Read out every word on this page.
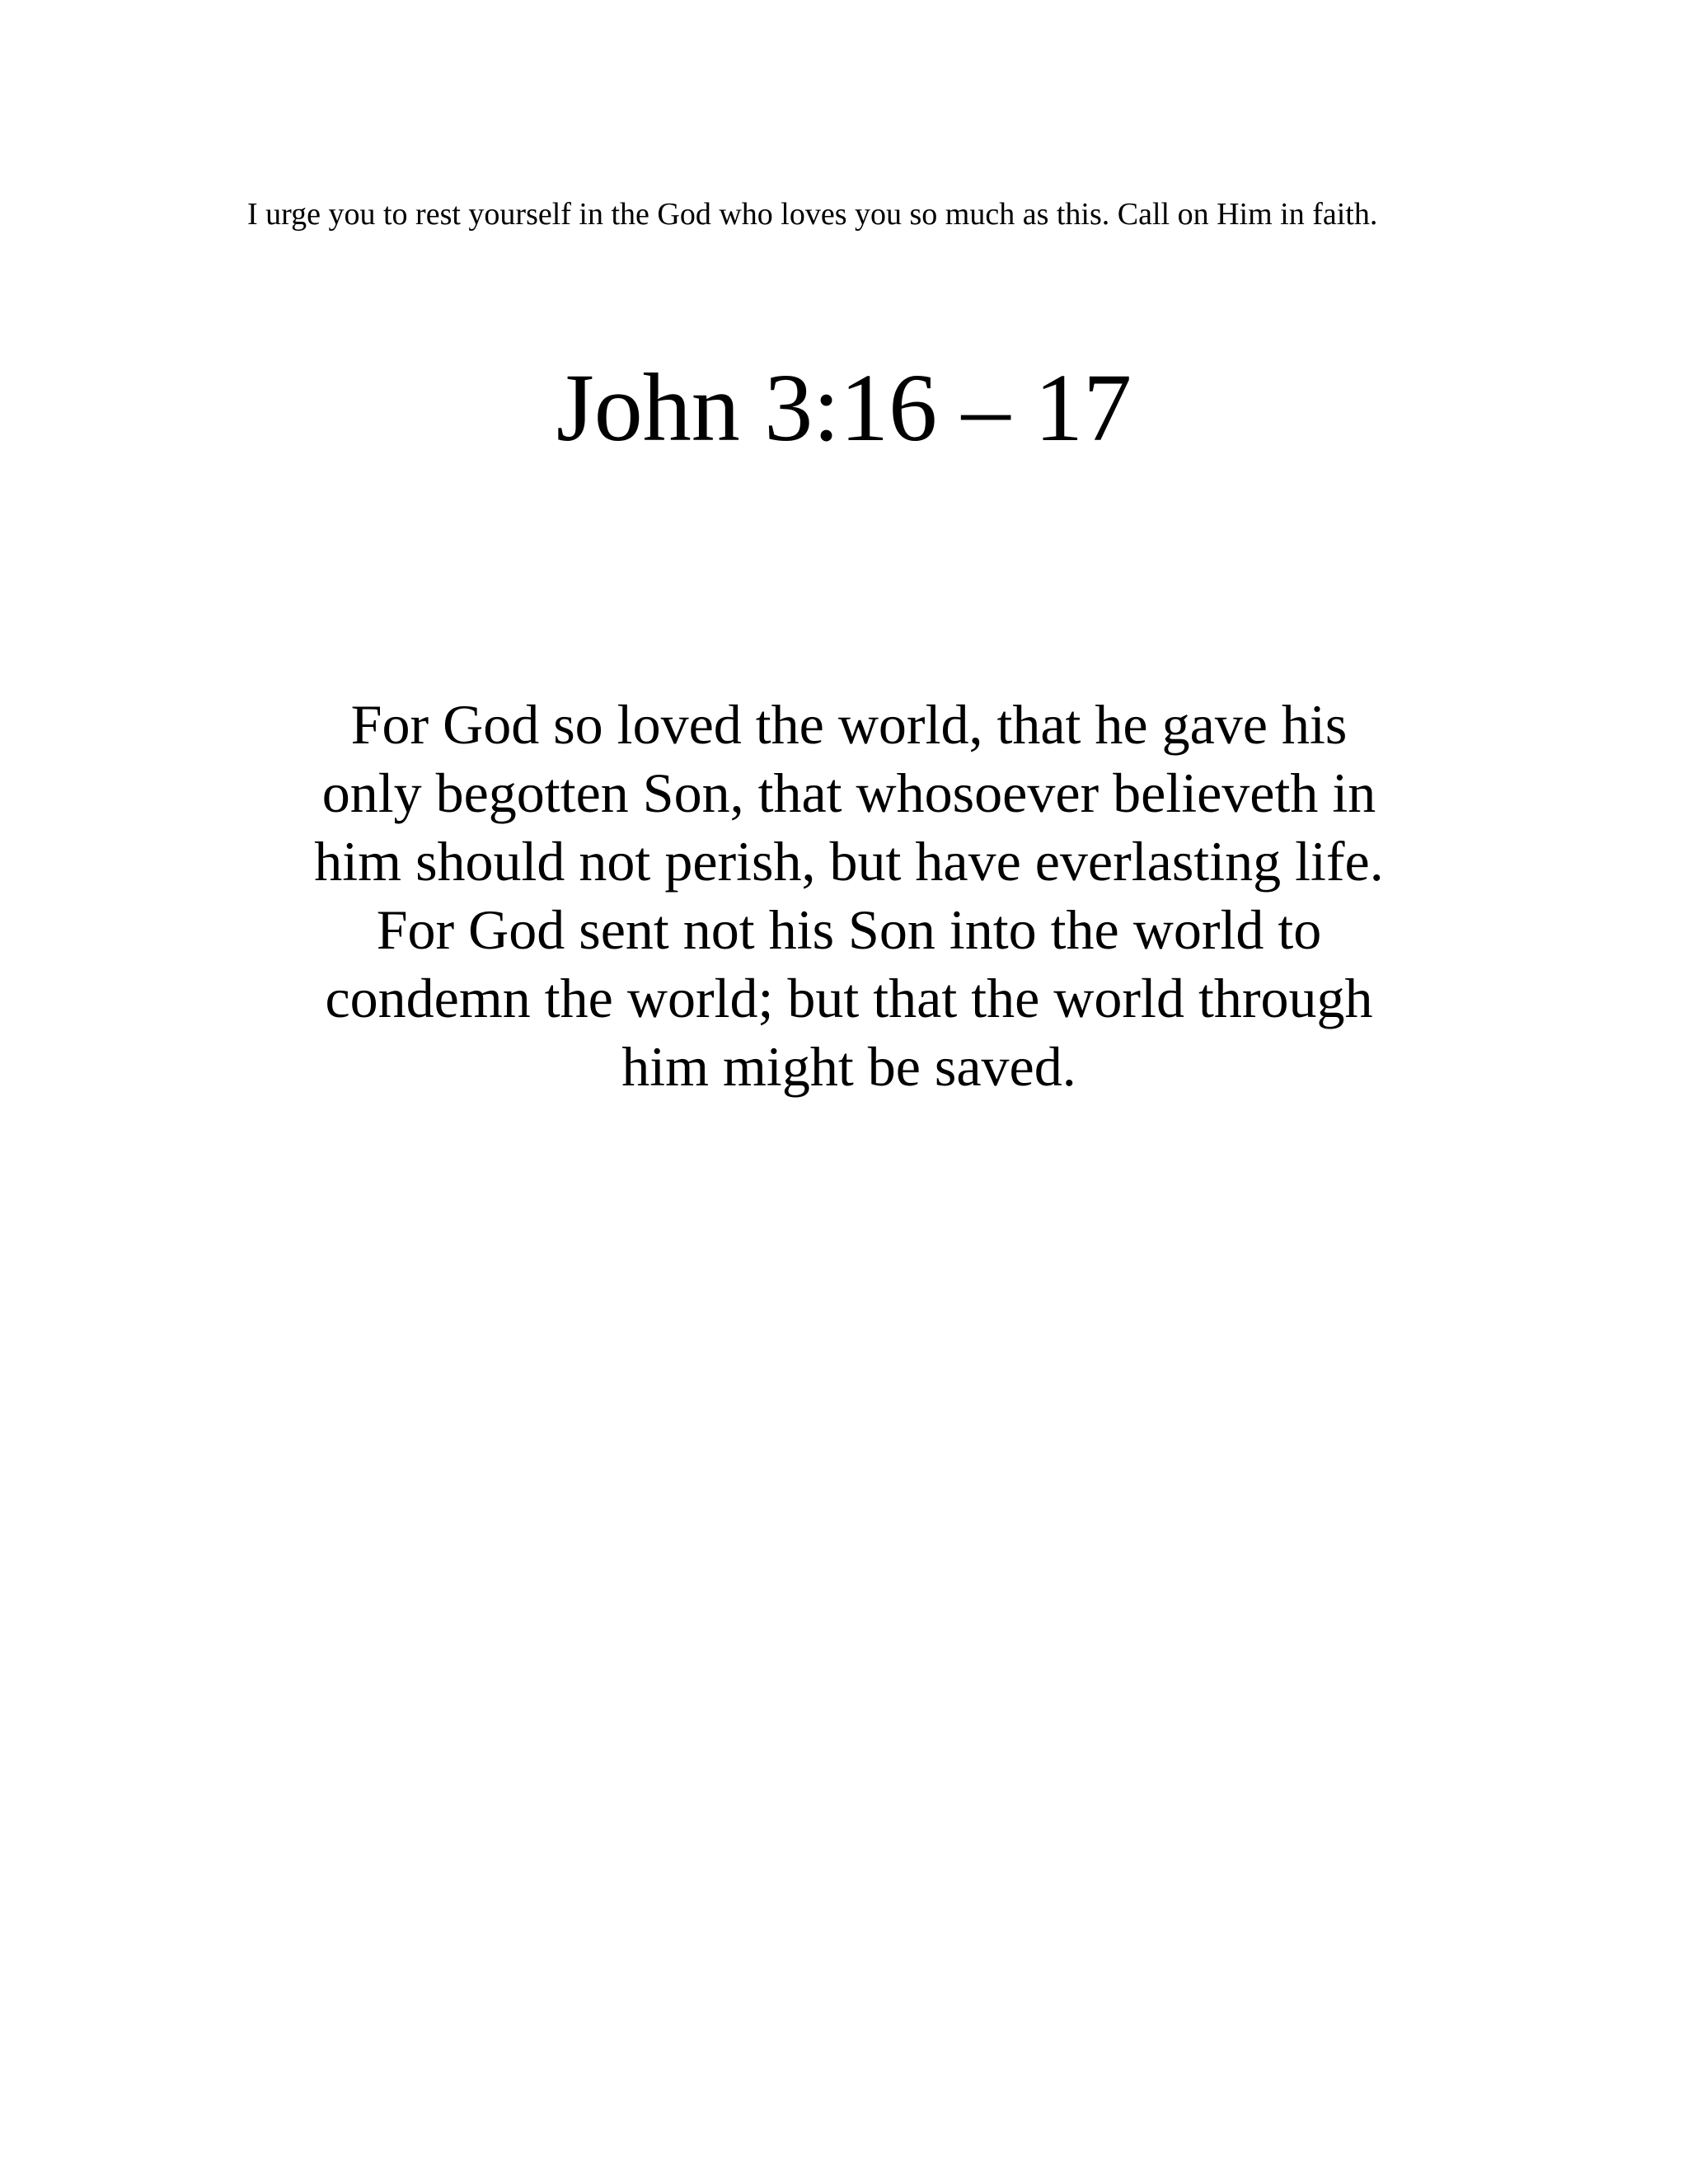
I urge you to rest yourself in the God who loves you so much as this. Call on Him in faith.

John 3:16 – 17

For God so loved the world, that he gave his
only begotten Son, that whosoever believeth in
him should not perish, but have everlasting life.
For God sent not his Son into the world to
condemn the world; but that the world through
him might be saved.
